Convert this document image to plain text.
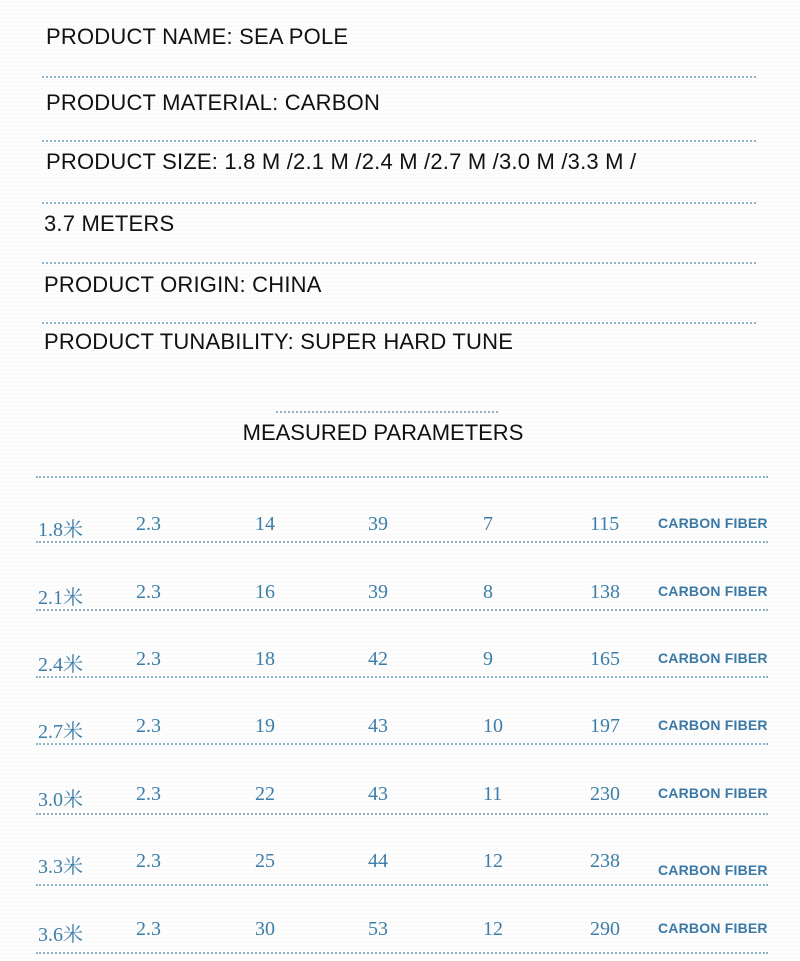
PRODUCT NAME: SEA POLE
PRODUCT MATERIAL: CARBON
PRODUCT SIZE: 1.8 M /2.1 M /2.4 M /2.7 M /3.0 M /3.3 M /
3.7 METERS
PRODUCT ORIGIN: CHINA
PRODUCT TUNABILITY: SUPER HARD TUNE
MEASURED PARAMETERS
1.8米	2.3	14	39	7	115	CARBON FIBER
2.1米	2.3	16	39	8	138	CARBON FIBER
2.4米	2.3	18	42	9	165	CARBON FIBER
2.7米	2.3	19	43	10	197	CARBON FIBER
3.0米	2.3	22	43	11	230	CARBON FIBER
3.3米	2.3	25	44	12	238	CARBON FIBER
3.6米	2.3	30	53	12	290	CARBON FIBER
